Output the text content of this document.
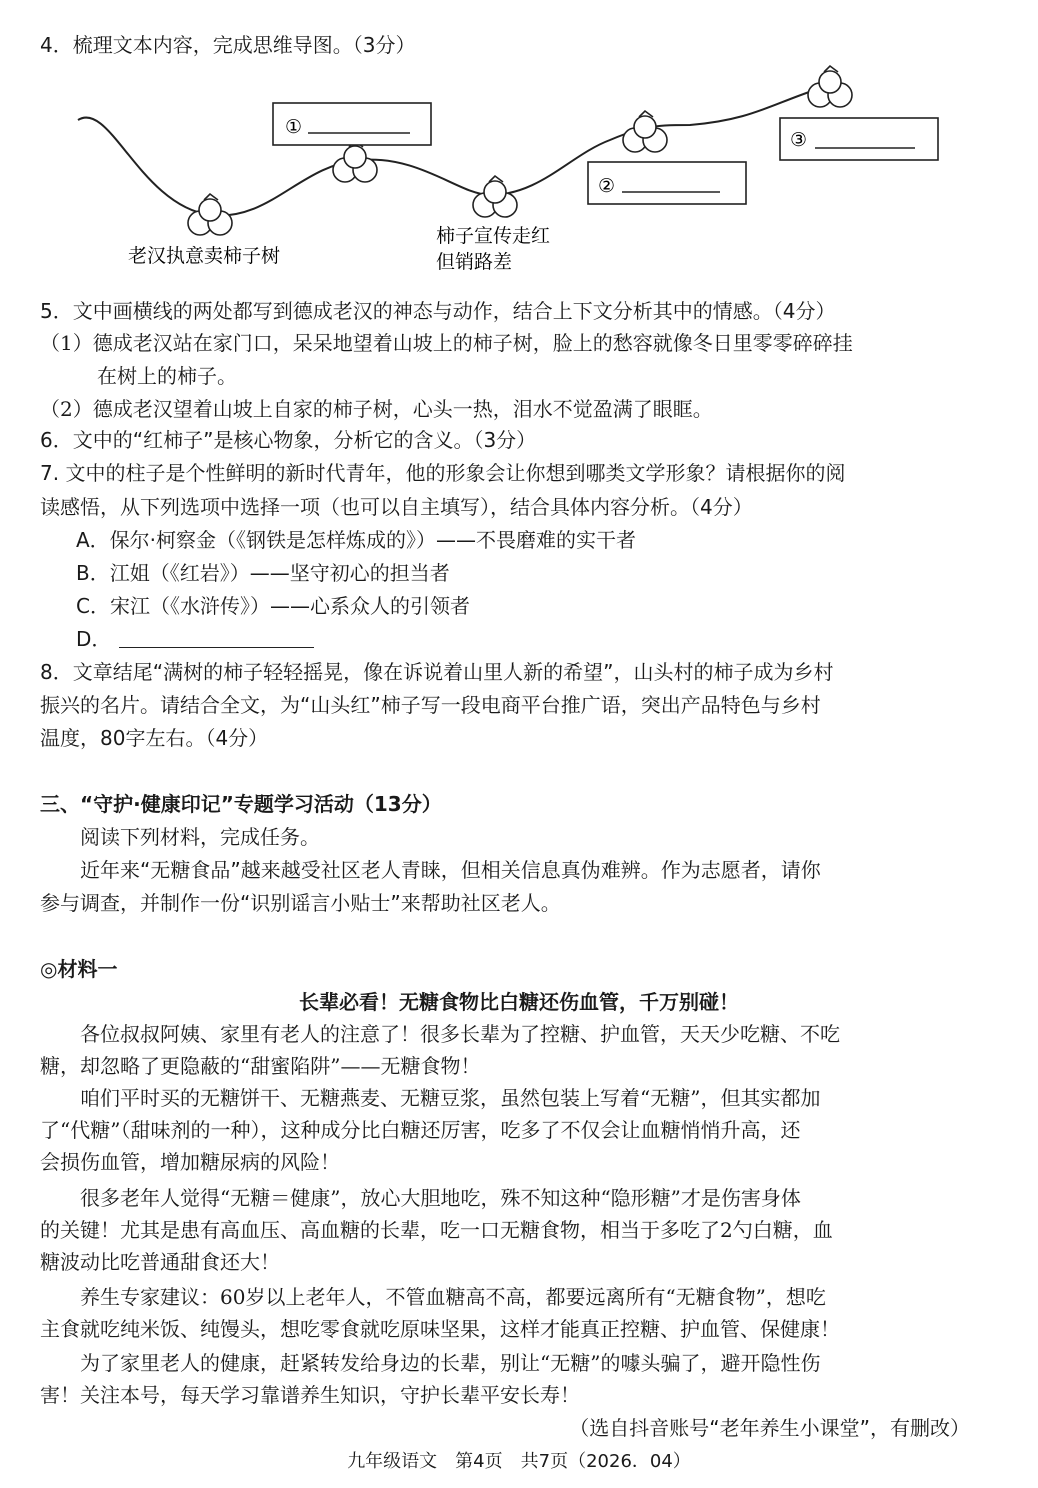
4．梳理文本内容，完成思维导图。（3分）
①
②
③
老汉执意卖柿子树
柿子宣传走红
但销路差
5．文中画横线的两处都写到德成老汉的神态与动作，结合上下文分析其中的情感。（4分）
（1）德成老汉站在家门口，呆呆地望着山坡上的柿子树，脸上的愁容就像冬日里零零碎碎挂
在树上的柿子。
（2）德成老汉望着山坡上自家的柿子树，心头一热，泪水不觉盈满了眼眶。
6．文中的“红柿子”是核心物象，分析它的含义。（3分）
7. 文中的柱子是个性鲜明的新时代青年，他的形象会让你想到哪类文学形象？请根据你的阅
读感悟，从下列选项中选择一项（也可以自主填写），结合具体内容分析。（4分）
A．保尔·柯察金（《钢铁是怎样炼成的》）——不畏磨难的实干者
B．江姐（《红岩》）——坚守初心的担当者
C．宋江（《水浒传》）——心系众人的引领者
D．
8．文章结尾“满树的柿子轻轻摇晃，像在诉说着山里人新的希望”，山头村的柿子成为乡村
振兴的名片。请结合全文，为“山头红”柿子写一段电商平台推广语，突出产品特色与乡村
温度，80字左右。（4分）
三、“守护·健康印记”专题学习活动（13分）
阅读下列材料，完成任务。
近年来“无糖食品”越来越受社区老人青睐，但相关信息真伪难辨。作为志愿者，请你
参与调查，并制作一份“识别谣言小贴士”来帮助社区老人。
◎材料一
长辈必看！无糖食物比白糖还伤血管，千万别碰！
各位叔叔阿姨、家里有老人的注意了！很多长辈为了控糖、护血管，天天少吃糖、不吃
糖，却忽略了更隐蔽的“甜蜜陷阱”——无糖食物！
咱们平时买的无糖饼干、无糖燕麦、无糖豆浆，虽然包装上写着“无糖”，但其实都加
了“代糖”（甜味剂的一种），这种成分比白糖还厉害，吃多了不仅会让血糖悄悄升高，还
会损伤血管，增加糖尿病的风险！
很多老年人觉得“无糖＝健康”，放心大胆地吃，殊不知这种“隐形糖”才是伤害身体
的关键！尤其是患有高血压、高血糖的长辈，吃一口无糖食物，相当于多吃了2勺白糖，血
糖波动比吃普通甜食还大！
养生专家建议：60岁以上老年人，不管血糖高不高，都要远离所有“无糖食物”，想吃
主食就吃纯米饭、纯馒头，想吃零食就吃原味坚果，这样才能真正控糖、护血管、保健康！
为了家里老人的健康，赶紧转发给身边的长辈，别让“无糖”的噱头骗了，避开隐性伤
害！关注本号，每天学习靠谱养生知识，守护长辈平安长寿！
（选自抖音账号“老年养生小课堂”，有删改）
九年级语文　第4页　共7页（2026．04）
